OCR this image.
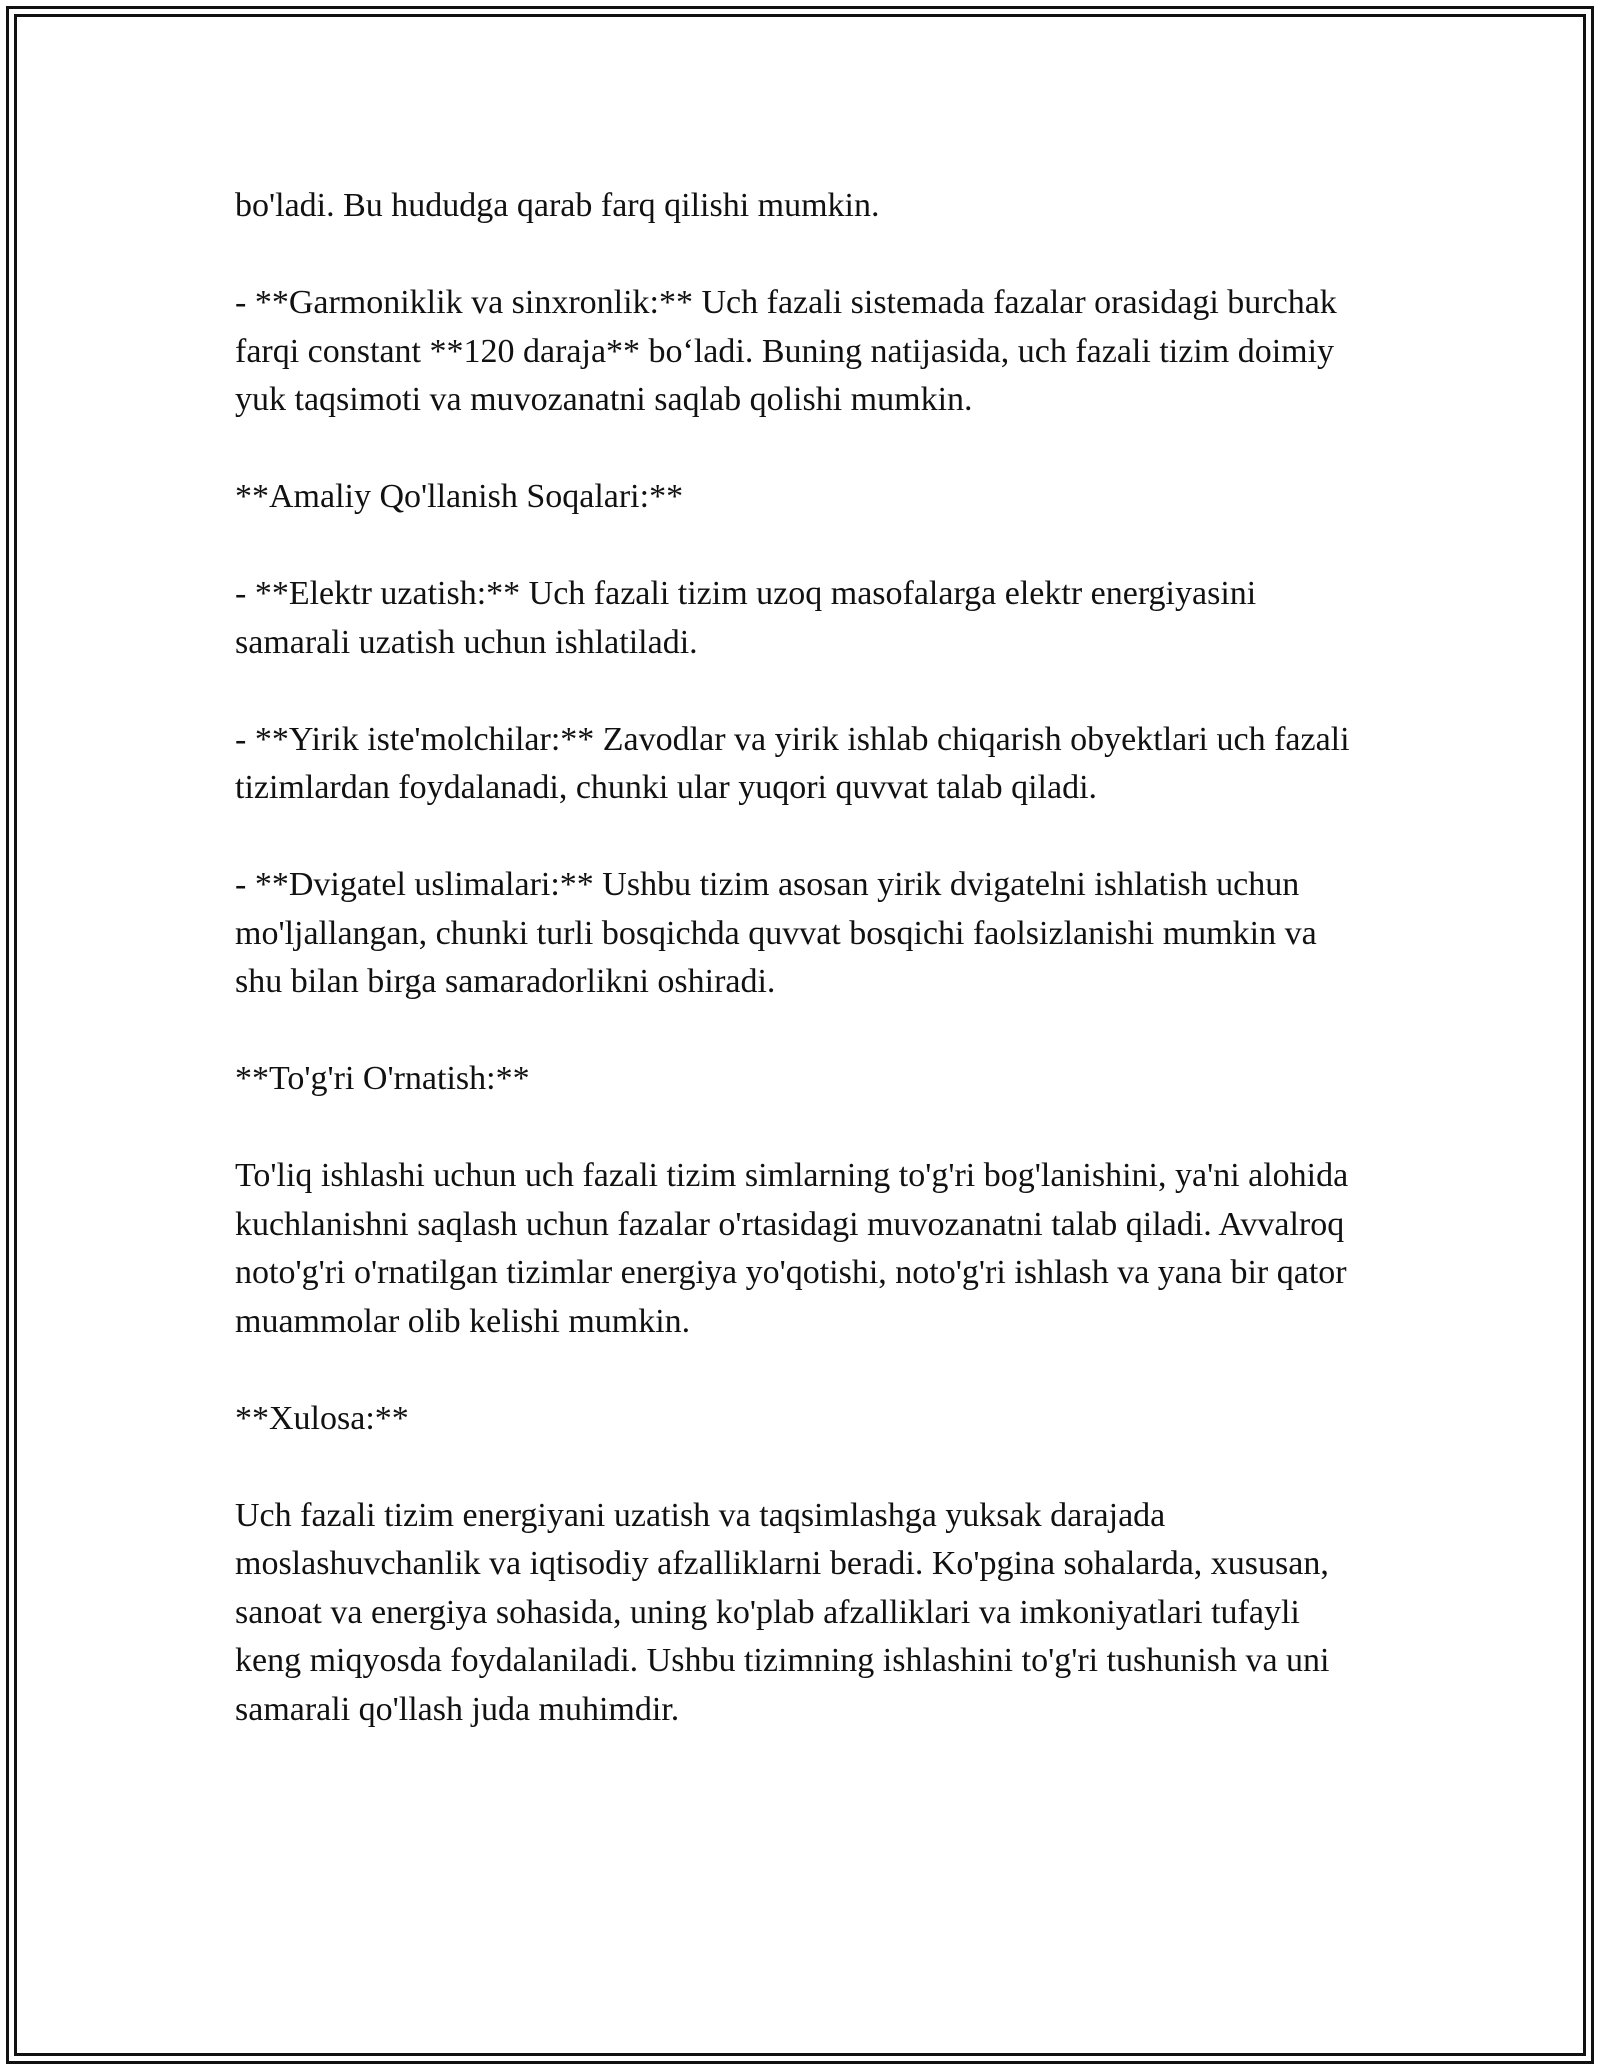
bo'ladi. Bu hududga qarab farq qilishi mumkin.

- **Garmoniklik va sinxronlik:** Uch fazali sistemada fazalar orasidagi burchak farqi constant **120 daraja** bo‘ladi. Buning natijasida, uch fazali tizim doimiy yuk taqsimoti va muvozanatni saqlab qolishi mumkin.

**Amaliy Qo'llanish Soqalari:**

- **Elektr uzatish:** Uch fazali tizim uzoq masofalarga elektr energiyasini samarali uzatish uchun ishlatiladi.

- **Yirik iste'molchilar:** Zavodlar va yirik ishlab chiqarish obyektlari uch fazali tizimlardan foydalanadi, chunki ular yuqori quvvat talab qiladi.

- **Dvigatel uslimalari:** Ushbu tizim asosan yirik dvigatelni ishlatish uchun mo'ljallangan, chunki turli bosqichda quvvat bosqichi faolsizlanishi mumkin va shu bilan birga samaradorlikni oshiradi.

**To'g'ri O'rnatish:**

To'liq ishlashi uchun uch fazali tizim simlarning to'g'ri bog'lanishini, ya'ni alohida kuchlanishni saqlash uchun fazalar o'rtasidagi muvozanatni talab qiladi. Avvalroq noto'g'ri o'rnatilgan tizimlar energiya yo'qotishi, noto'g'ri ishlash va yana bir qator muammolar olib kelishi mumkin.

**Xulosa:**

Uch fazali tizim energiyani uzatish va taqsimlashga yuksak darajada moslashuvchanlik va iqtisodiy afzalliklarni beradi. Ko'pgina sohalarda, xususan, sanoat va energiya sohasida, uning ko'plab afzalliklari va imkoniyatlari tufayli keng miqyosda foydalaniladi. Ushbu tizimning ishlashini to'g'ri tushunish va uni samarali qo'llash juda muhimdir.
